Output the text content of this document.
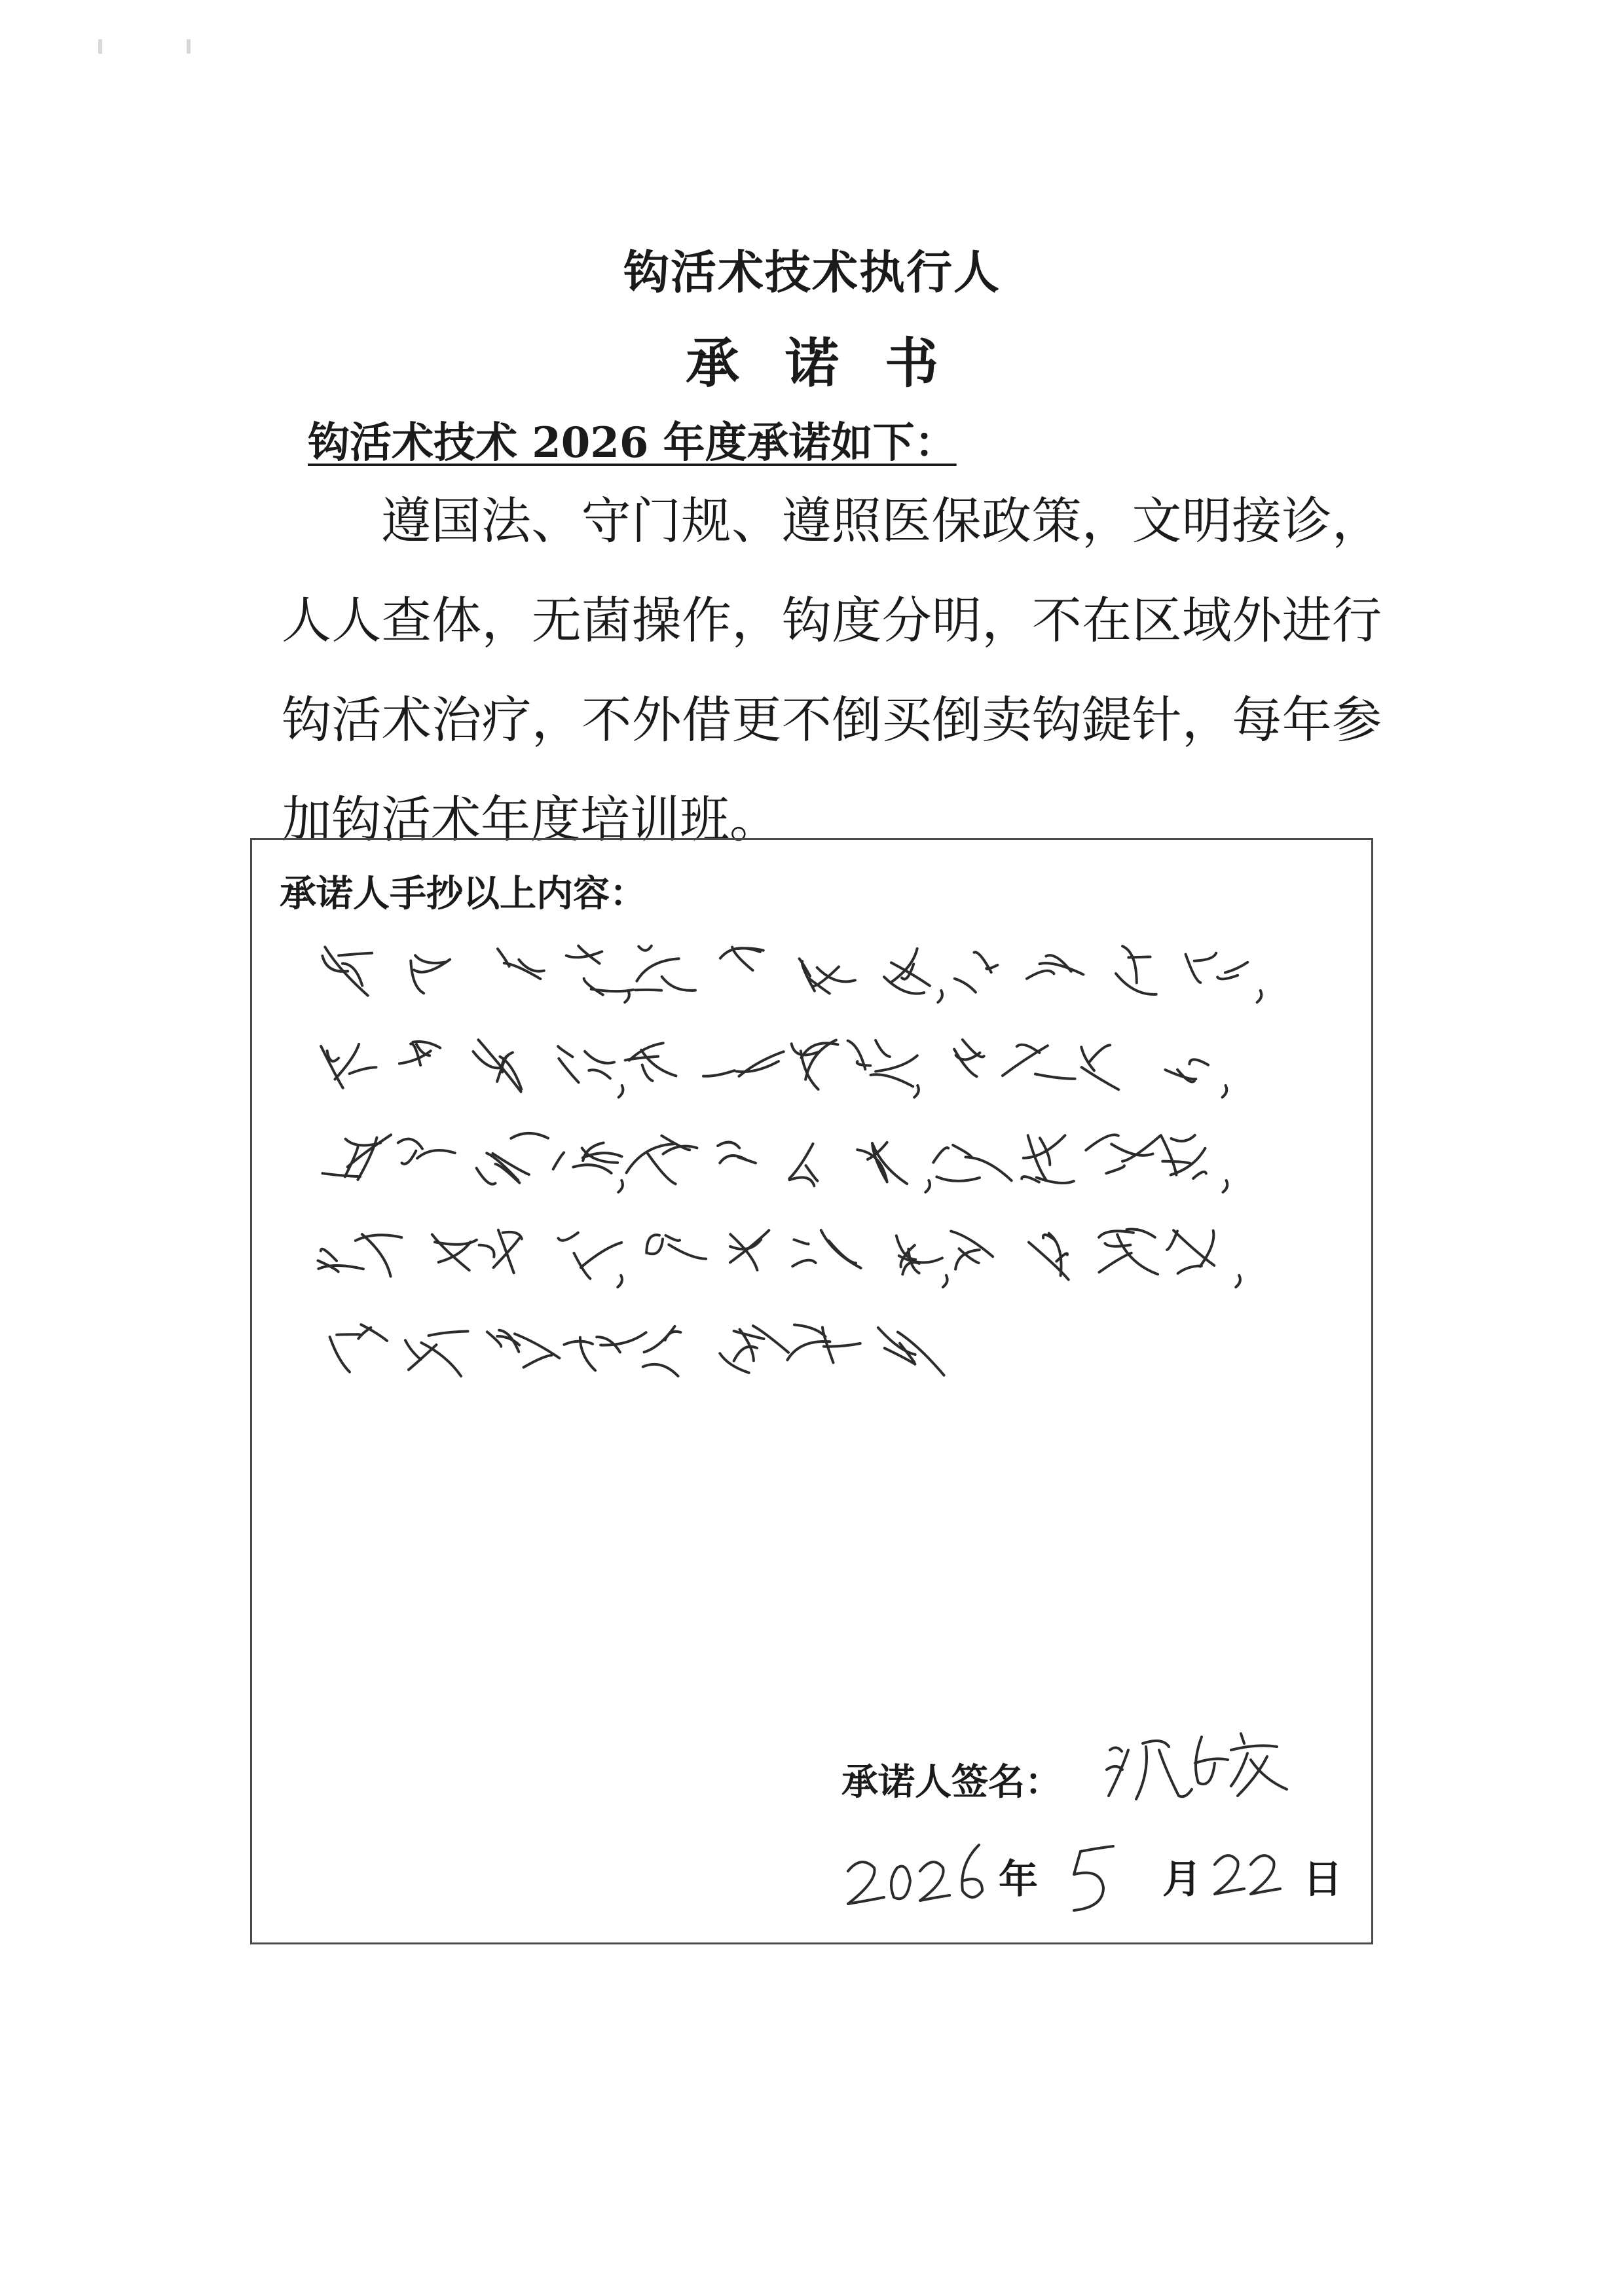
钩活术技术执行人
承诺书
钩活术技术 2026 年度承诺如下：
遵国法、守门规、遵照医保政策，文明接诊，人人查体，无菌操作，钩度分明，不在区域外进行钩活术治疗，不外借更不倒买倒卖钩鍉针，每年参加钩活术年度培训班。
承诺人手抄以上内容：
承诺人签名：
年	月	日
